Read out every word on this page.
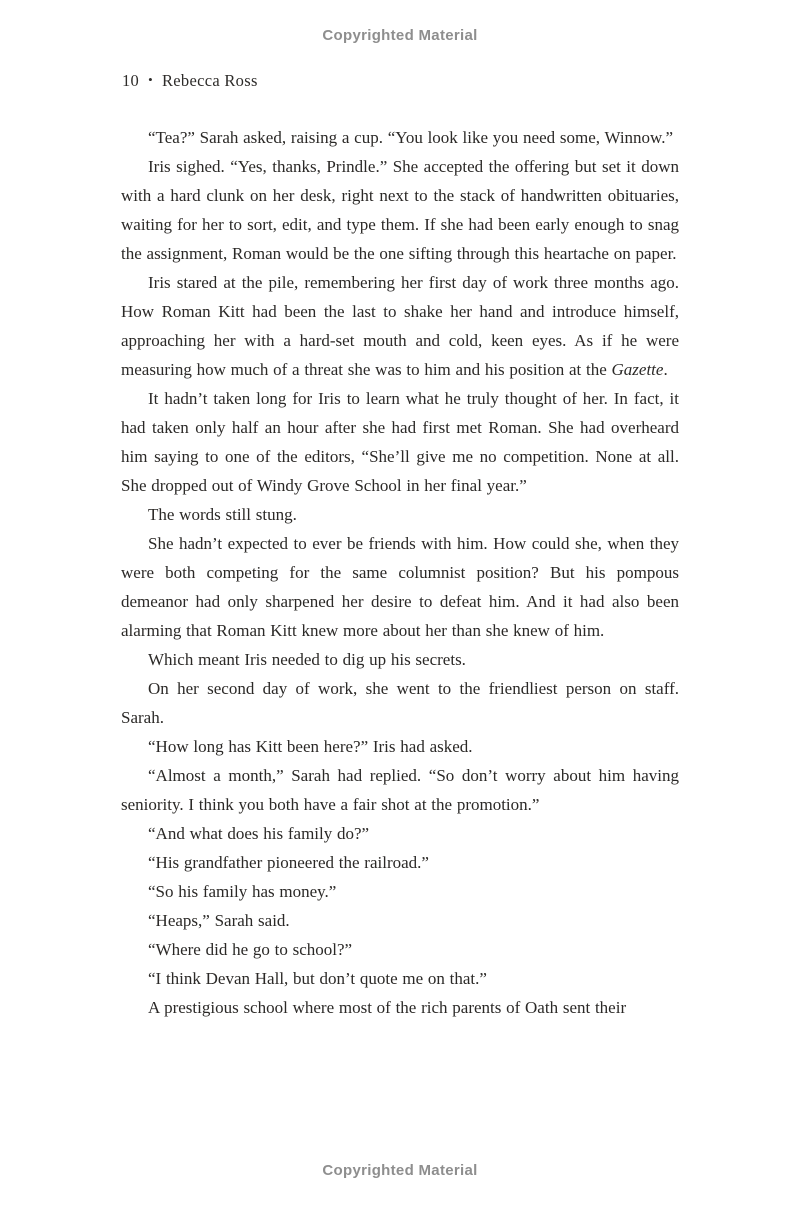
Copyrighted Material
10 • Rebecca Ross

“Tea?” Sarah asked, raising a cup. “You look like you need some, Winnow.”

Iris sighed. “Yes, thanks, Prindle.” She accepted the offering but set it down with a hard clunk on her desk, right next to the stack of handwritten obituaries, waiting for her to sort, edit, and type them. If she had been early enough to snag the assignment, Roman would be the one sifting through this heartache on paper.

Iris stared at the pile, remembering her first day of work three months ago. How Roman Kitt had been the last to shake her hand and introduce himself, approaching her with a hard-set mouth and cold, keen eyes. As if he were measuring how much of a threat she was to him and his position at the Gazette.

It hadn’t taken long for Iris to learn what he truly thought of her. In fact, it had taken only half an hour after she had first met Roman. She had overheard him saying to one of the editors, “She’ll give me no competition. None at all. She dropped out of Windy Grove School in her final year.”

The words still stung.

She hadn’t expected to ever be friends with him. How could she, when they were both competing for the same columnist position? But his pompous demeanor had only sharpened her desire to defeat him. And it had also been alarming that Roman Kitt knew more about her than she knew of him.

Which meant Iris needed to dig up his secrets.

On her second day of work, she went to the friendliest person on staff. Sarah.

“How long has Kitt been here?” Iris had asked.

“Almost a month,” Sarah had replied. “So don’t worry about him having seniority. I think you both have a fair shot at the promotion.”

“And what does his family do?”

“His grandfather pioneered the railroad.”

“So his family has money.”

“Heaps,” Sarah said.

“Where did he go to school?”

“I think Devan Hall, but don’t quote me on that.”

A prestigious school where most of the rich parents of Oath sent their

Copyrighted Material
